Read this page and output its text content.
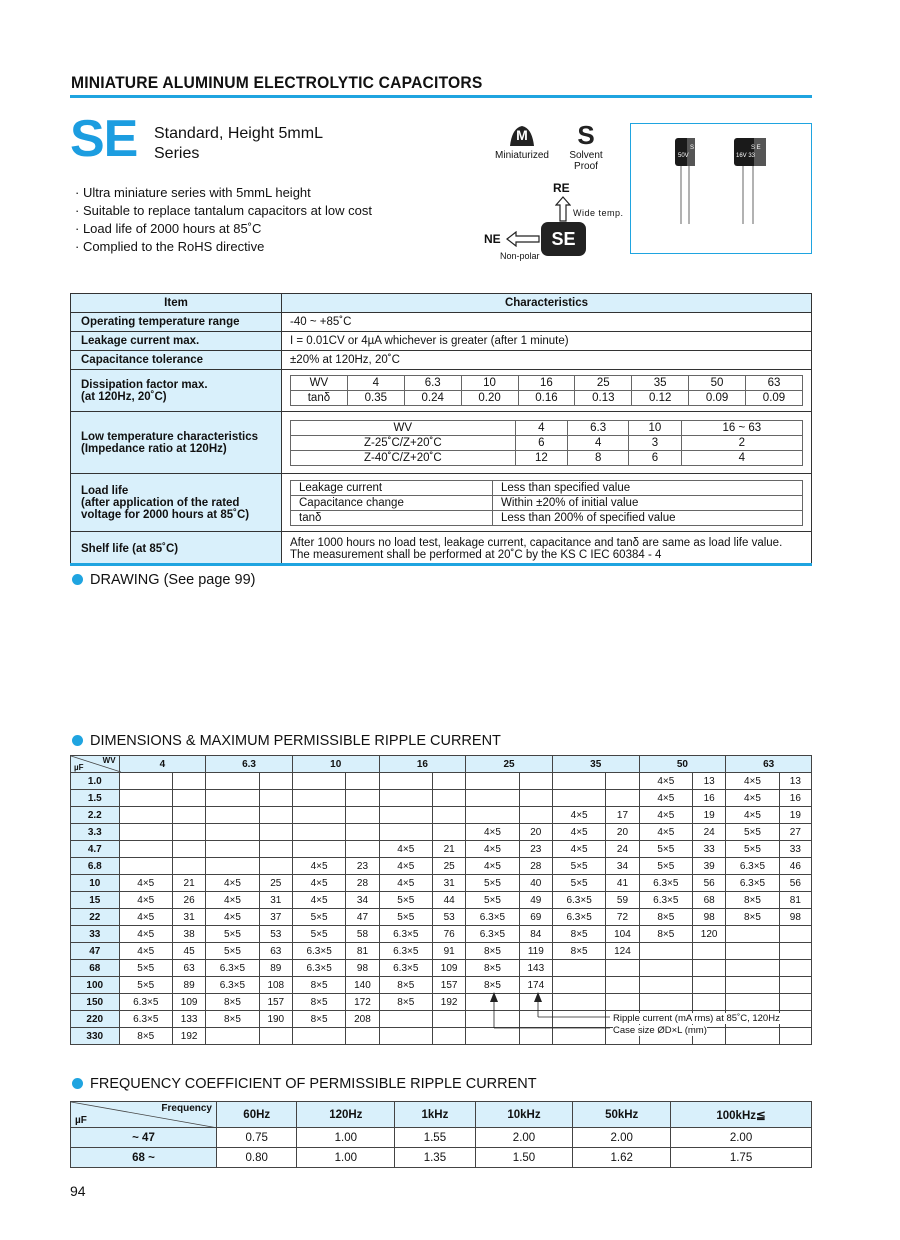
MINIATURE ALUMINUM ELECTROLYTIC CAPACITORS
SE Standard, Height 5mmL
Series
· Ultra miniature series with 5mmL height
· Suitable to replace tantalum capacitors at low cost
· Load life of 2000 hours at 85˚C
· Complied to the RoHS directive
M
Miniaturized
S
Solvent Proof
RE
Wide temp.
NE	SE
Non-polar
S
50V
S E
16V 33
Item	Characteristics
Operating temperature range	-40 ~ +85˚C
Leakage current max.	I = 0.01CV or 4µA whichever is greater (after 1 minute)
Capacitance tolerance	±20% at 120Hz, 20˚C

Dissipation factor max.
(at 120Hz, 20˚C)

WV	4	6.3	10	16	25	35	50	63
tanδ	0.35	0.24	0.20	0.16	0.13	0.12	0.09	0.09

Low temperature characteristics
(Impedance ratio at 120Hz)

WV	4	6.3	10	16 ~ 63
Z-25˚C/Z+20˚C	6	4	3	2
Z-40˚C/Z+20˚C	12	8	6	4

Load life
(after application of the rated
voltage for 2000 hours at 85˚C)

Leakage current	Less than specified value
Capacitance change	Within ±20% of initial value
tanδ	Less than 200% of specified value

Shelf life (at 85˚C)	After 1000 hours no load test, leakage current, capacitance and tanδ are same as load life value.
The measurement shall be performed at 20˚C by the KS C IEC 60384 - 4
DRAWING (See page 99)
DIMENSIONS & MAXIMUM PERMISSIBLE RIPPLE CURRENT
WV
µF	4		6.3		10		16		25		35		50		63	
1.0													4×5	13	4×5	13
1.5													4×5	16	4×5	16
2.2											4×5	17	4×5	19	4×5	19
3.3									4×5	20	4×5	20	4×5	24	5×5	27
4.7							4×5	21	4×5	23	4×5	24	5×5	33	5×5	33
6.8					4×5	23	4×5	25	4×5	28	5×5	34	5×5	39	6.3×5	46
10	4×5	21	4×5	25	4×5	28	4×5	31	5×5	40	5×5	41	6.3×5	56	6.3×5	56
15	4×5	26	4×5	31	4×5	34	5×5	44	5×5	49	6.3×5	59	6.3×5	68	8×5	81
22	4×5	31	4×5	37	5×5	47	5×5	53	6.3×5	69	6.3×5	72	8×5	98	8×5	98
33	4×5	38	5×5	53	5×5	58	6.3×5	76	6.3×5	84	8×5	104	8×5	120		
47	4×5	45	5×5	63	6.3×5	81	6.3×5	91	8×5	119	8×5	124				
68	5×5	63	6.3×5	89	6.3×5	98	6.3×5	109	8×5	143						
100	5×5	89	6.3×5	108	8×5	140	8×5	157	8×5	174						
150	6.3×5	109	8×5	157	8×5	172	8×5	192								
220	6.3×5	133	8×5	190	8×5	208										
330	8×5	192														
Ripple current (mA rms) at 85˚C, 120Hz
Case size ØD×L (mm)
FREQUENCY COEFFICIENT OF PERMISSIBLE RIPPLE CURRENT
Frequency
µF	60Hz	120Hz	1kHz	10kHz	50kHz	100kHz≦
~ 47	0.75	1.00	1.55	2.00	2.00	2.00
68 ~	0.80	1.00	1.35	1.50	1.62	1.75
94
